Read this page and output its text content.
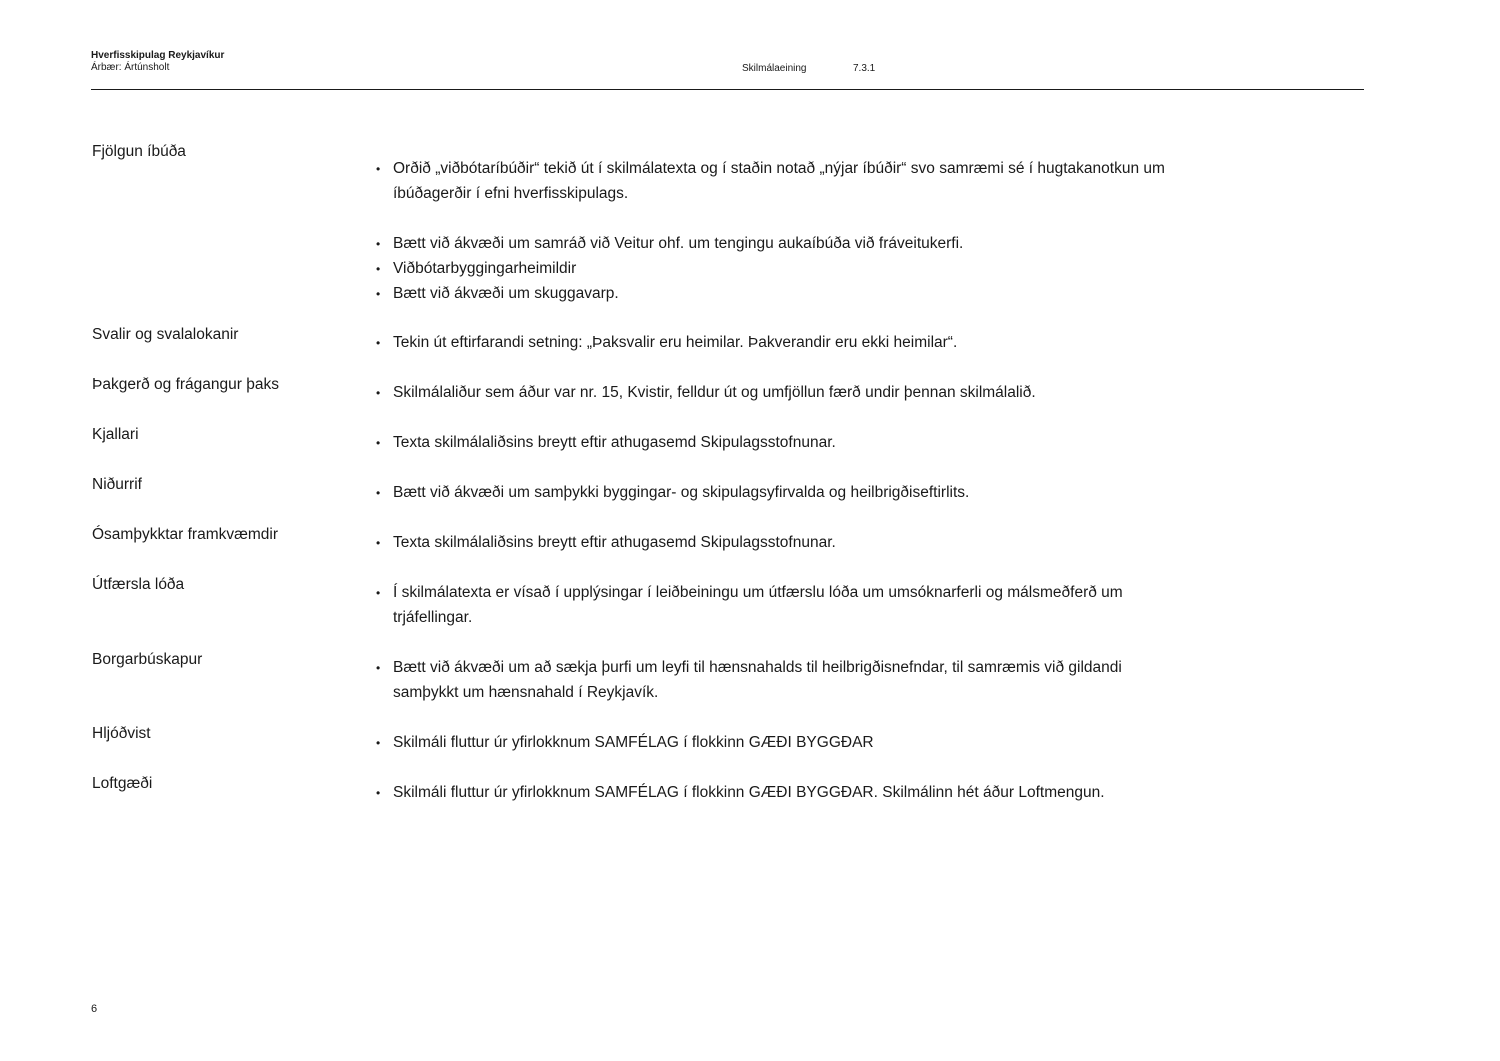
Hverfisskipulag Reykjavíkur
Árbær: Ártúnsholt	Skilmálaeining	7.3.1
Fjölgun íbúða
• Orðið „viðbótaríbúðir“ tekið út í skilmálatexta og í staðin notað „nýjar íbúðir“ svo samræmi sé í hugtakanotkun um íbúðagerðir í efni hverfisskipulags.
• Bætt við ákvæði um samráð við Veitur ohf. um tengingu aukaíbúða við fráveitukerfi.
• Viðbótarbyggingarheimildir
• Bætt við ákvæði um skuggavarp.
Svalir og svalalokanir	• Tekin út eftirfarandi setning: „Þaksvalir eru heimilar. Þakverandir eru ekki heimilar“.
Þakgerð og frágangur þaks	• Skilmálaliður sem áður var nr. 15, Kvistir, felldur út og umfjöllun færð undir þennan skilmálalið.
Kjallari	• Texta skilmálaliðsins breytt eftir athugasemd Skipulagsstofnunar.
Niðurrif	• Bætt við ákvæði um samþykki byggingar- og skipulagsyfirvalda og heilbrigðiseftirlits.
Ósamþykktar framkvæmdir	• Texta skilmálaliðsins breytt eftir athugasemd Skipulagsstofnunar.
Útfærsla lóða	• Í skilmálatexta er vísað í upplýsingar í leiðbeiningu um útfærslu lóða um umsóknarferli og málsmeðferð um trjáfellingar.
Borgarbúskapur	• Bætt við ákvæði um að sækja þurfi um leyfi til hænsnahalds til heilbrigðisnefndar, til samræmis við gildandi samþykkt um hænsnahald í Reykjavík.
Hljóðvist
• Skilmáli fluttur úr yfirlokknum SAMFÉLAG í flokkinn GÆÐI BYGGÐAR
Loftgæði
• Skilmáli fluttur úr yfirlokknum SAMFÉLAG í flokkinn GÆÐI BYGGÐAR. Skilmálinn hét áður Loftmengun.
6
